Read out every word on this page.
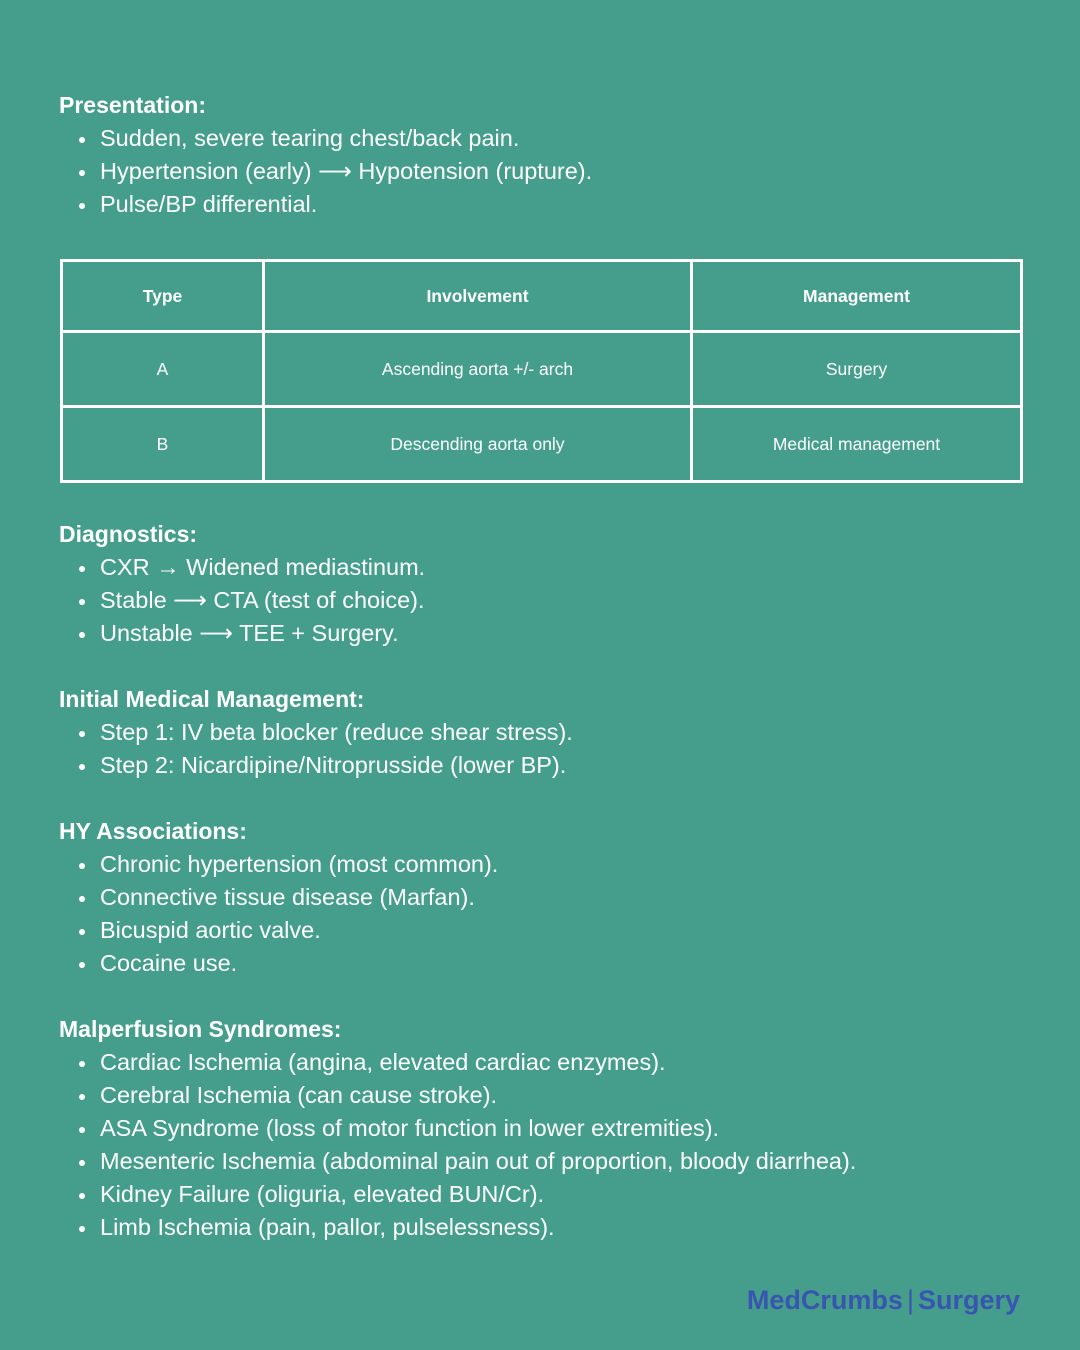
Presentation:
Sudden, severe tearing chest/back pain.
Hypertension (early) ⟶ Hypotension (rupture).
Pulse/BP differential.
Type	Involvement	Management
A	Ascending aorta +/- arch	Surgery
B	Descending aorta only	Medical management
Diagnostics:
CXR → Widened mediastinum.
Stable ⟶ CTA (test of choice).
Unstable ⟶ TEE + Surgery.
Initial Medical Management:
Step 1: IV beta blocker (reduce shear stress).
Step 2: Nicardipine/Nitroprusside (lower BP).
HY Associations:
Chronic hypertension (most common).
Connective tissue disease (Marfan).
Bicuspid aortic valve.
Cocaine use.
Malperfusion Syndromes:
Cardiac Ischemia (angina, elevated cardiac enzymes).
Cerebral Ischemia (can cause stroke).
ASA Syndrome (loss of motor function in lower extremities).
Mesenteric Ischemia (abdominal pain out of proportion, bloody diarrhea).
Kidney Failure (oliguria, elevated BUN/Cr).
Limb Ischemia (pain, pallor, pulselessness).
MedCrumbs | Surgery
